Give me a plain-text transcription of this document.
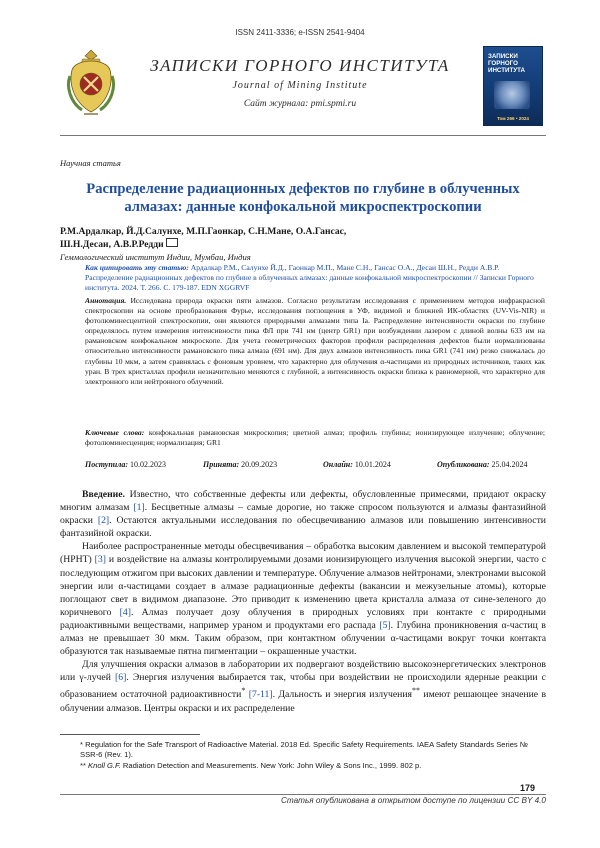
ISSN 2411-3336; e-ISSN 2541-9404
ЗАПИСКИ ГОРНОГО ИНСТИТУТА
Journal of Mining Institute
Сайт журнала: pmi.spmi.ru
ЗАПИСКИ
ГОРНОГО
ИНСТИТУТА
Том 266 • 2024
Научная статья
Распределение радиационных дефектов по глубине в облученных алмазах: данные конфокальной микроспектроскопии
Р.М.Ардалкар, Й.Д.Салунхе, М.П.Гаонкар, С.Н.Мане, О.А.Гансас,
Ш.Н.Десаи, А.В.Р.Редди
Геммологический институт Индии, Мумбаи, Индия
Как цитировать эту статью: Ардалкар Р.М., Салунхе Й.Д., Гаонкар М.П., Мане С.Н., Гансас О.А., Десаи Ш.Н., Редди А.В.Р. Распределение радиационных дефектов по глубине в облученных алмазах: данные конфокальной микроспектроскопии // Записки Горного института. 2024. Т. 266. С. 179-187. EDN XGGRVF
Аннотация. Исследована природа окраски пяти алмазов. Согласно результатам исследования с применением методов инфракрасной спектроскопии на основе преобразования Фурье, исследования поглощения в УФ, видимой и ближней ИК-областях (UV-Vis-NIR) и фотолюминесцентной спектроскопии, они являются природными алмазами типа Ia. Распределение интенсивности окраски по глубине определялось путем измерения интенсивности пика ФЛ при 741 нм (центр GR1) при возбуждении лазером с длиной волны 633 нм на рамановском конфокальном микроскопе. Для учета геометрических факторов профили распределения дефектов были нормализованы относительно интенсивности рамановского пика алмаза (691 нм). Для двух алмазов интенсивность пика GR1 (741 нм) резко снижалась до глубины 10 мкм, а затем сравнялась с фоновым уровнем, что характерно для облучения α-частицами из природных источников, таких как уран. В трех кристаллах профили незначительно меняются с глубиной, а интенсивность окраски близка к равномерной, что характерно для электронного или нейтронного облучений.
Ключевые слова: конфокальная рамановская микроскопия; цветной алмаз; профиль глубины; ионизирующее излучение; облучение; фотолюминесценция; нормализация; GR1
Поступила: 10.02.2023	Принята: 20.09.2023	Онлайн: 10.01.2024	Опубликована: 25.04.2024

Введение. Известно, что собственные дефекты или дефекты, обусловленные примесями, придают окраску многим алмазам [1]. Бесцветные алмазы – самые дорогие, но также спросом пользуются и алмазы фантазийной окраски [2]. Остаются актуальными исследования по обесцвечиванию алмазов или повышению интенсивности фантазийной окраски.

Наиболее распространенные методы обесцвечивания – обработка высоким давлением и высокой температурой (HPHT) [3] и воздействие на алмазы контролируемыми дозами ионизирующего излучения высокой энергии, часто с последующим отжигом при высоких давлении и температуре. Облучение алмазов нейтронами, электронами высокой энергии или α-частицами создает в алмазе радиационные дефекты (вакансии и межузельные атомы), которые поглощают свет в видимом диапазоне. Это приводит к изменению цвета кристалла алмаза от сине-зеленого до коричневого [4]. Алмаз получает дозу облучения в природных условиях при контакте с природными радиоактивными веществами, например ураном и продуктами его распада [5]. Глубина проникновения α-частиц в алмаз не превышает 30 мкм. Таким образом, при контактном облучении α-частицами вокруг точки контакта образуются так называемые пятна пигментации – окрашенные участки.

Для улучшения окраски алмазов в лаборатории их подвергают воздействию высокоэнергетических электронов или γ-лучей [6]. Энергия излучения выбирается так, чтобы при воздействии не происходили ядерные реакции с образованием остаточной радиоактивности* [7-11]. Дальность и энергия излучения** имеют решающее значение в облучении алмазов. Центры окраски и их распределение

* Regulation for the Safe Transport of Radioactive Material. 2018 Ed. Specific Safety Requirements. IAEA Safety Standards Series № SSR-6 (Rev. 1).
** Knoll G.F. Radiation Detection and Measurements. New York: John Wiley & Sons Inc., 1999. 802 p.
179
Статья опубликована в открытом доступе по лицензии CC BY 4.0
